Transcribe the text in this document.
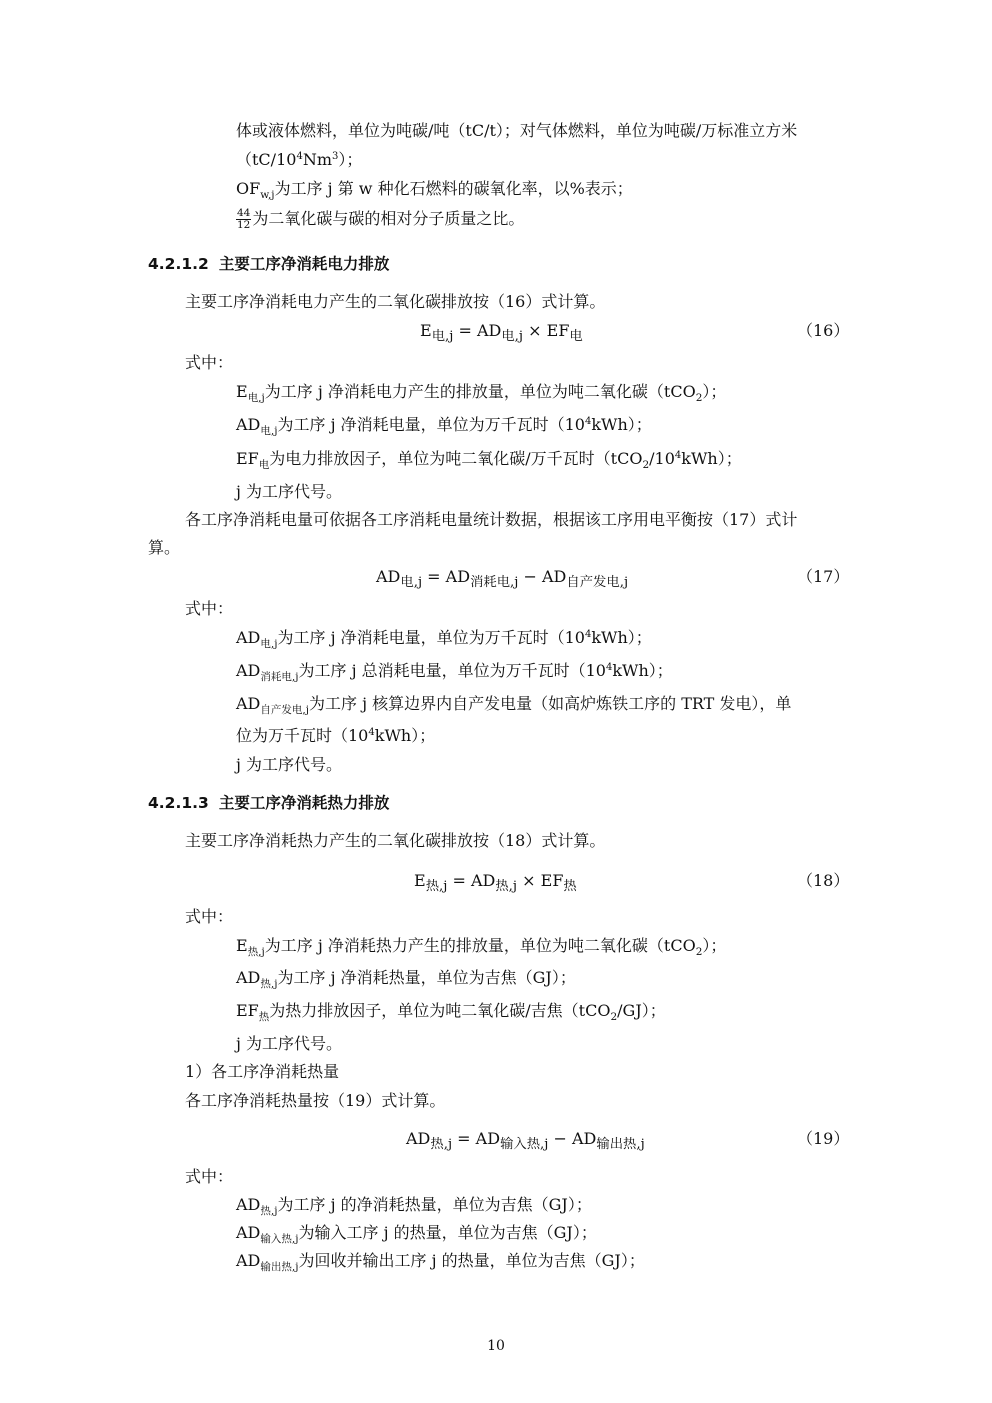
体或液体燃料，单位为吨碳/吨（tC/t）；对气体燃料，单位为吨碳/万标准立方米
$(tC/10^4Nm^3)$；
$OF_{w,j}$为工序 j 第 w 种化石燃料的碳氧化率，以%表示；
$\frac{44}{12}$ 为二氧化碳与碳的相对分子质量之比。
4.2.1.2 主要工序净消耗电力排放
主要工序净消耗电力产生的二氧化碳排放按（16）式计算。
$E_{电,j} = AD_{电,j} \times EF_电$	（16）
式中：
$E_{电,j}$为工序 j 净消耗电力产生的排放量，单位为吨二氧化碳（tCO$_2$）；
$AD_{电,j}$为工序 j 净消耗电量，单位为万千瓦时$(10^4kWh)$；
$EF_电$为电力排放因子，单位为吨二氧化碳/万千瓦时$(tCO_2/10^4kWh)$；
j 为工序代号。
各工序净消耗电量可依据各工序消耗电量统计数据，根据该工序用电平衡按（17）式计
算。
$AD_{电,j} = AD_{消耗电,j} - AD_{自产发电,j}$	（17）
式中：
$AD_{电,j}$为工序 j 净消耗电量，单位为万千瓦时$(10^4kWh)$；
$AD_{消耗电,j}$为工序 j 总消耗电量，单位为万千瓦时$(10^4kWh)$；
$AD_{自产发电,j}$为工序 j 核算边界内自产发电量（如高炉炼铁工序的 TRT 发电），单
位为万千瓦时$(10^4kWh)$；
j 为工序代号。
4.2.1.3 主要工序净消耗热力排放
主要工序净消耗热力产生的二氧化碳排放按（18）式计算。
$E_{热,j} = AD_{热,j} \times EF_热$	（18）
式中：
$E_{热,j}$为工序 j 净消耗热力产生的排放量，单位为吨二氧化碳（tCO$_2$）；
$AD_{热,j}$为工序 j 净消耗热量，单位为吉焦（GJ）；
$EF_热$为热力排放因子，单位为吨二氧化碳/吉焦（tCO$_2$/GJ）；
j 为工序代号。
1）各工序净消耗热量
各工序净消耗热量按（19）式计算。
$AD_{热,j} = AD_{输入热,j} - AD_{输出热,j}$	（19）
式中：
$AD_{热,j}$为工序 j 的净消耗热量，单位为吉焦（GJ）；
$AD_{输入热,j}$为输入工序 j 的热量，单位为吉焦（GJ）；
$AD_{输出热,j}$为回收并输出工序 j 的热量，单位为吉焦（GJ）；
10
